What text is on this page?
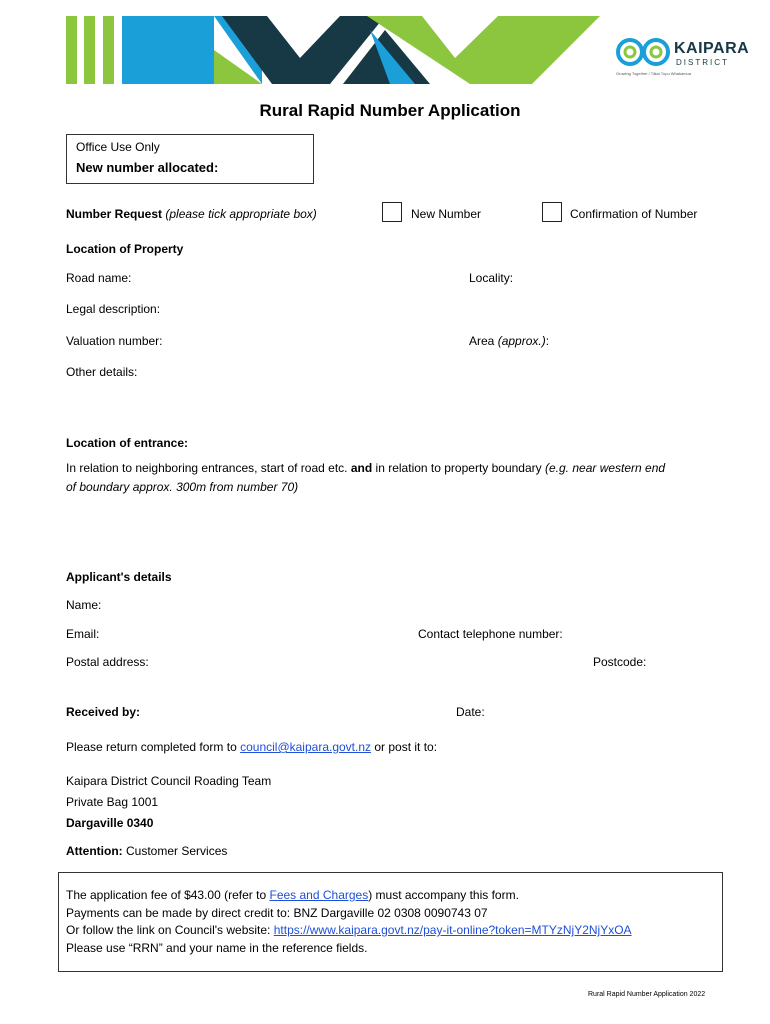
KAIPARA
DISTRICT
Growing Together / Tātai Tupu Whakamua
Rural Rapid Number Application
Office Use Only
New number allocated:
Number Request (please tick appropriate box)	New Number	Confirmation of Number
Location of Property
Road name:	Locality:
Legal description:
Valuation number:	Area (approx.):
Other details:
Location of entrance:
In relation to neighboring entrances, start of road etc. and in relation to property boundary (e.g. near western end
of boundary approx. 300m from number 70)
Applicant's details
Name:
Email:	Contact telephone number:
Postal address:	Postcode:
Received by:	Date:
Please return completed form to council@kaipara.govt.nz or post it to:
Kaipara District Council Roading Team
Private Bag 1001
Dargaville 0340
Attention: Customer Services
The application fee of $43.00 (refer to Fees and Charges) must accompany this form.
Payments can be made by direct credit to: BNZ Dargaville 02 0308 0090743 07
Or follow the link on Council's website: https://www.kaipara.govt.nz/pay-it-online?token=MTYzNjY2NjYxOA
Please use “RRN” and your name in the reference fields.
Rural Rapid Number Application 2022
